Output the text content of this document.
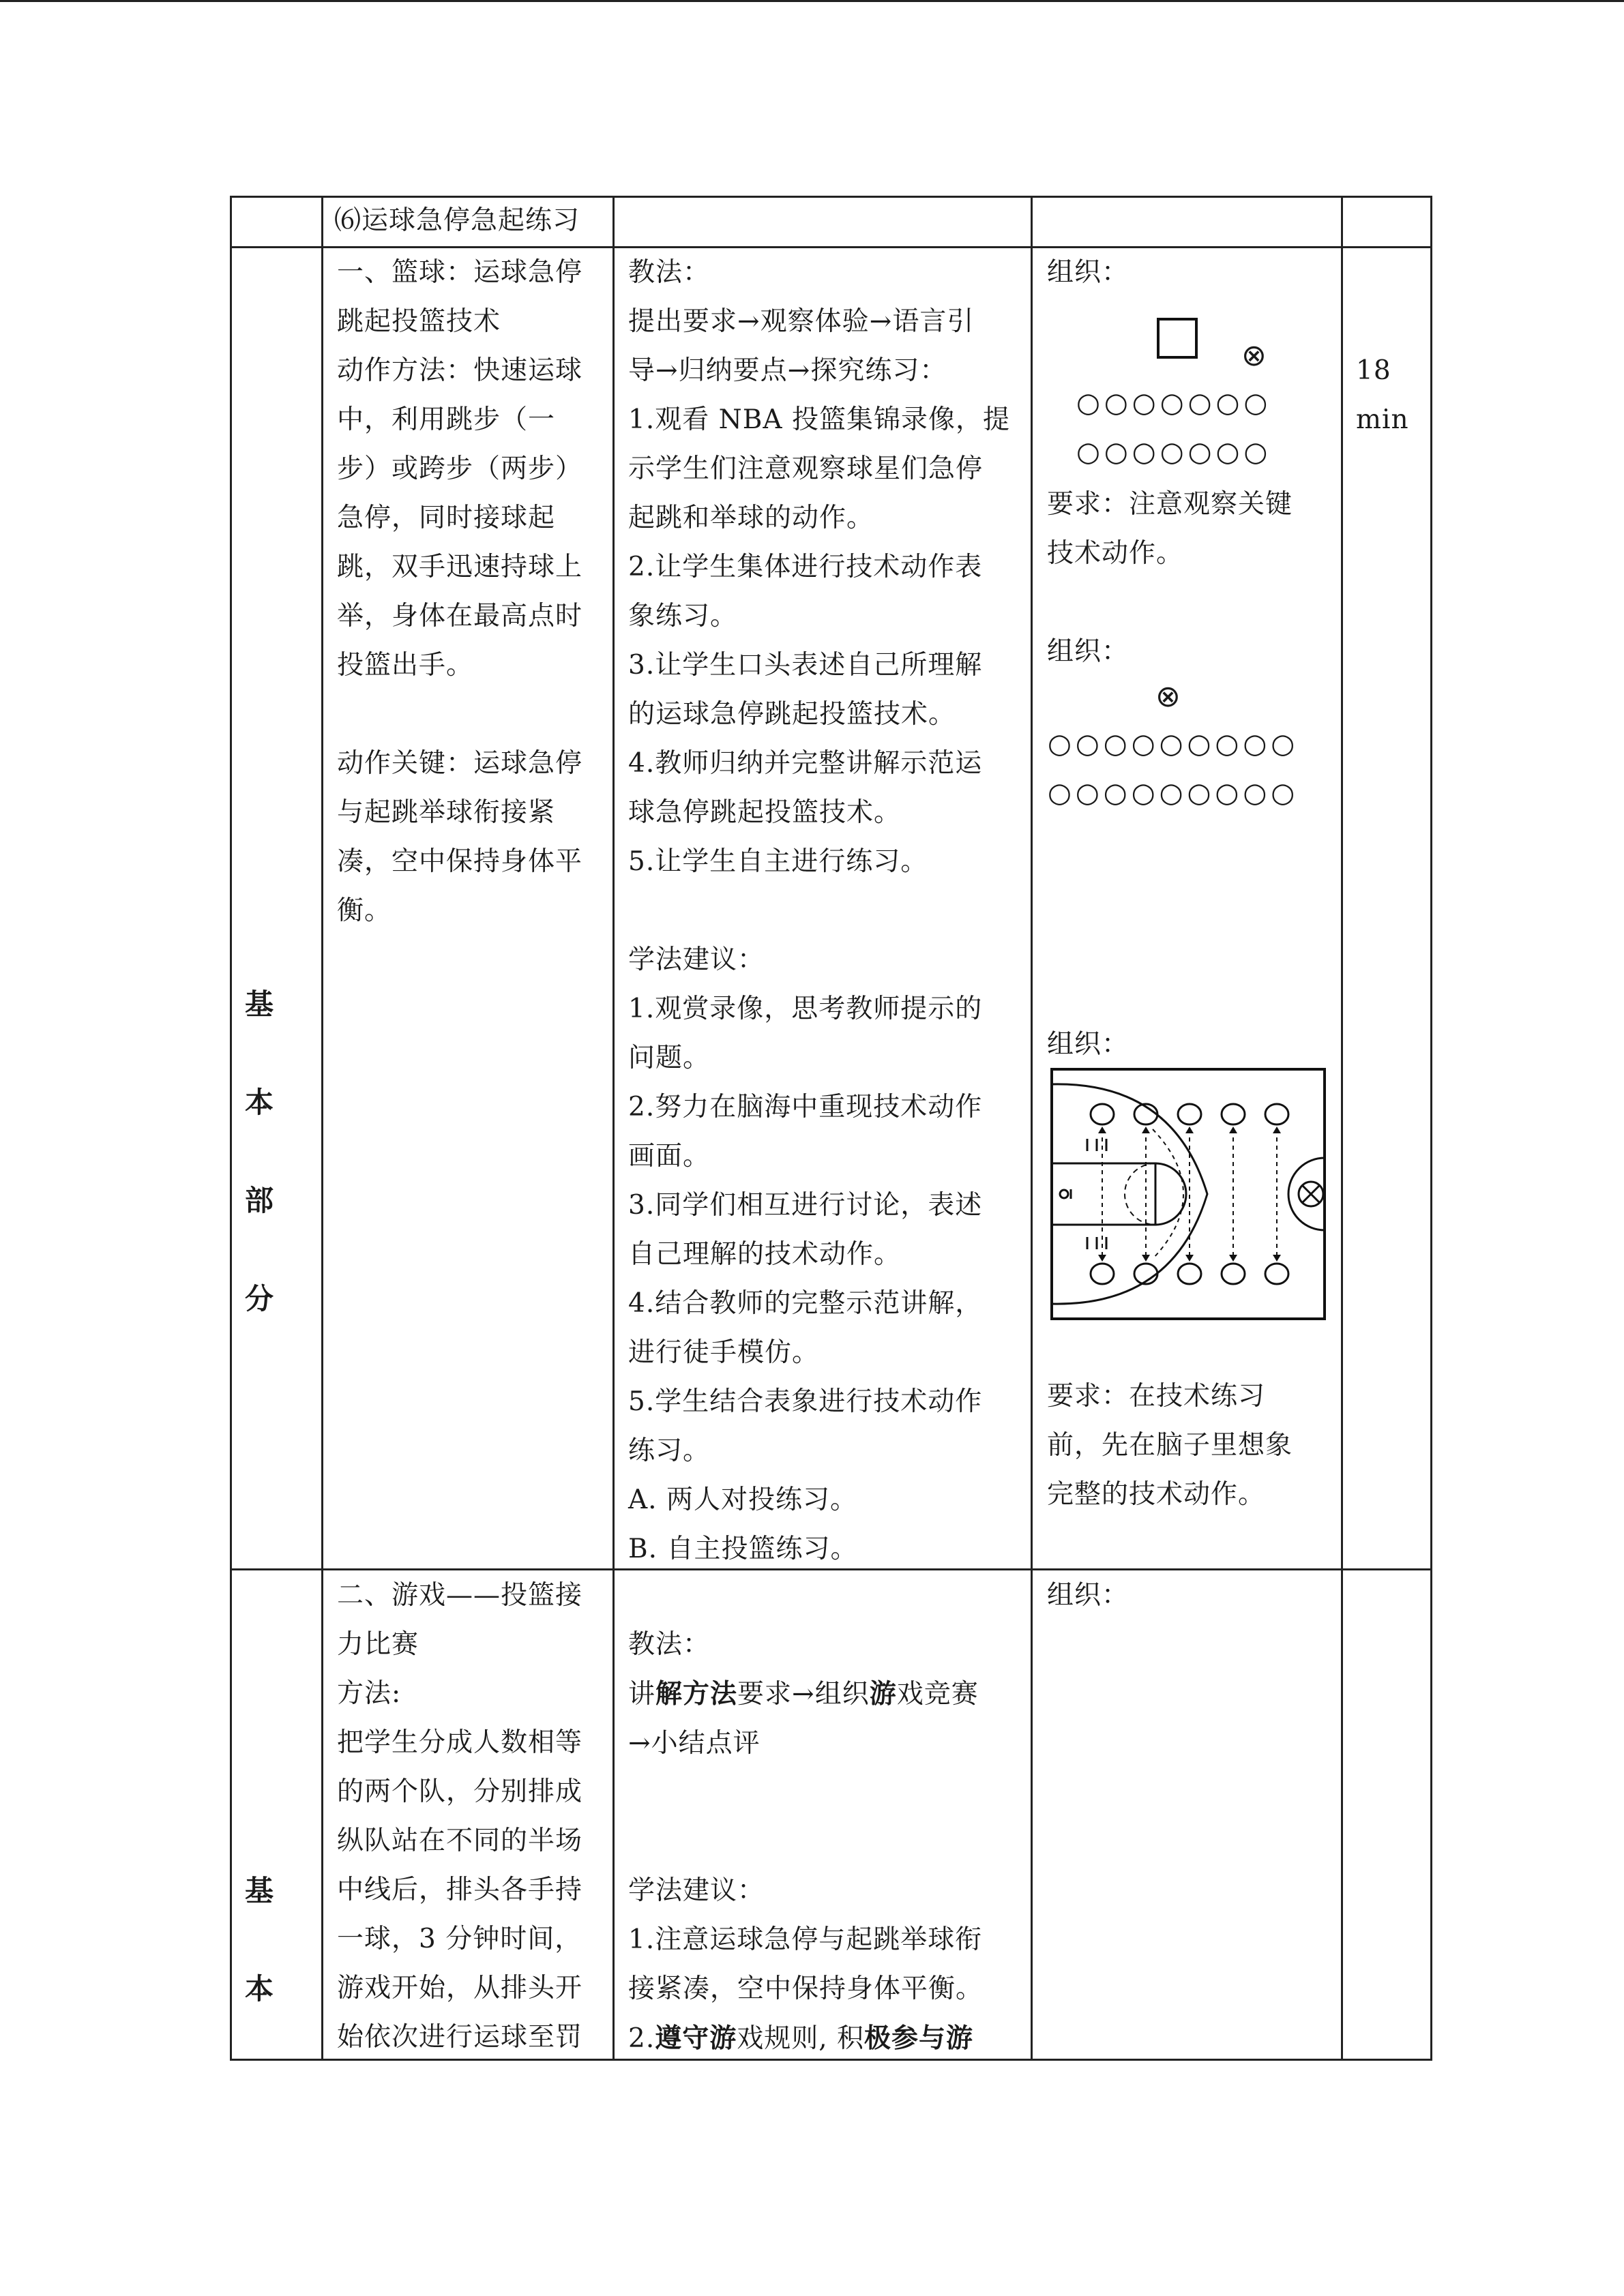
⑹运球急停急起练习

基
本
部
分

一、篮球：运球急停

跳起投篮技术

动作方法：快速运球

中，利用跳步（一

步）或跨步（两步）

急停，同时接球起

跳，双手迅速持球上

举，身体在最高点时

投篮出手。

动作关键：运球急停

与起跳举球衔接紧

凑，空中保持身体平

衡。

教法：

提出要求→观察体验→语言引

导→归纳要点→探究练习：

1.观看 NBA 投篮集锦录像，提

示学生们注意观察球星们急停

起跳和举球的动作。

2.让学生集体进行技术动作表

象练习。

3.让学生口头表述自己所理解

的运球急停跳起投篮技术。

4.教师归纳并完整讲解示范运

球急停跳起投篮技术。

5.让学生自主进行练习。

学法建议：

1.观赏录像，思考教师提示的

问题。

2.努力在脑海中重现技术动作

画面。

3.同学们相互进行讨论，表述

自己理解的技术动作。

4.结合教师的完整示范讲解，

进行徒手模仿。

5.学生结合表象进行技术动作

练习。

A. 两人对投练习。

B. 自主投篮练习。

组织：

⊗
○○○○○○○
○○○○○○○

要求：注意观察关键

技术动作。

组织：

⊗
○○○○○○○○○
○○○○○○○○○

组织：

要求：在技术练习

前，先在脑子里想象

完整的技术动作。

18

min

基
本

二、游戏——投篮接

力比赛

方法:

把学生分成人数相等

的两个队，分别排成

纵队站在不同的半场

中线后，排头各手持

一球，3 分钟时间，

游戏开始，从排头开

始依次进行运球至罚

教法：

讲解方法要求→组织游戏竞赛

→小结点评

学法建议：

1.注意运球急停与起跳举球衔

接紧凑，空中保持身体平衡。

2.遵守游戏规则, 积极参与游

组织：
